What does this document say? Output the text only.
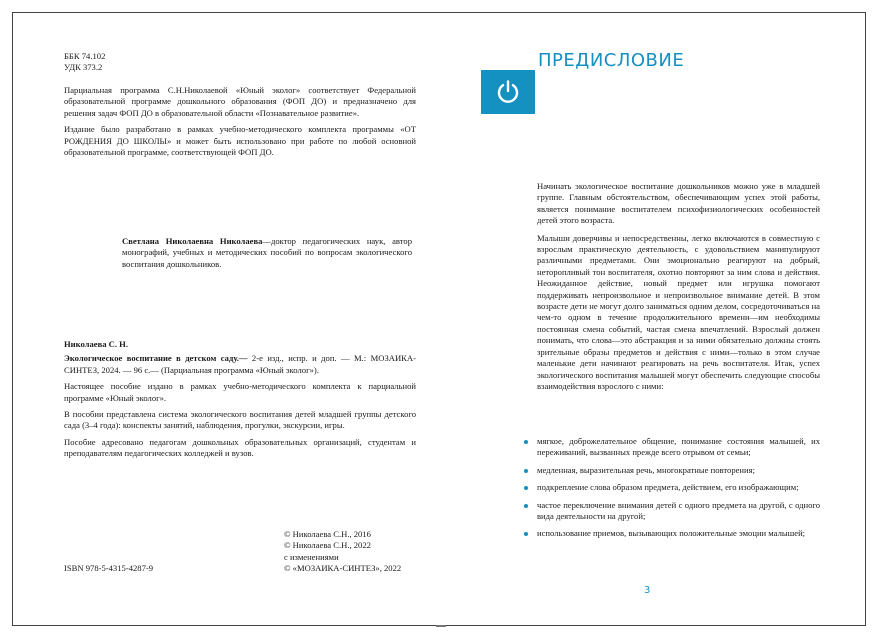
ББК 74.102

УДК 373.2

Парциальная программа С.Н.Николаевой «Юный эколог» соответствует Федеральной образовательной программе дошкольного образования (ФОП ДО) и предназначено для решения задач ФОП ДО в образовательной области «Познавательное развитие».

Издание было разработано в рамках учебно-методического комплекта программы «ОТ РОЖДЕНИЯ ДО ШКОЛЫ» и может быть использовано при работе по любой основной образовательной программе, соответствующей ФОП ДО.

Светлана Николаевна Николаева—доктор педагогических наук, автор монографий, учебных и методических пособий по вопросам экологического воспитания дошкольников.

Николаева С. Н.

Экологическое воспитание в детском саду.— 2-е изд., испр. и доп. — М.: МОЗАИКА-СИНТЕЗ, 2024. — 96 с.— (Парциальная программа «Юный эколог»).

Настоящее пособие издано в рамках учебно-методического комплекта к парциальной программе «Юный эколог».

В пособии представлена система экологического воспитания детей младшей группы детского сада (3–4 года): конспекты занятий, наблюдения, прогулки, экскурсии, игры.

Пособие адресовано педагогам дошкольных образовательных организаций, студентам и преподавателям педагогических колледжей и вузов.

ISBN 978-5-4315-4287-9

© Николаева С.Н., 2016

© Николаева С.Н., 2022

с изменениями

© «МОЗАИКА-СИНТЕЗ», 2022

ПРЕДИСЛОВИЕ

Начинать экологическое воспитание дошкольников можно уже в младшей группе. Главным обстоятельством, обеспечивающим успех этой работы, является понимание воспитателем психофизиологических особенностей детей этого возраста.

Малыши доверчивы и непосредственны, легко включаются в совместную с взрослым практическую деятельность, с удовольствием манипулируют различными предметами. Они эмоционально реагируют на добрый, неторопливый тон воспитателя, охотно повторяют за ним слова и действия. Неожиданное действие, новый предмет или игрушка помогают поддерживать непроизвольное и непроизвольное внимание детей. В этом возрасте дети не могут долго заниматься одним делом, сосредоточиваться на чем-то одном в течение продолжительного времени—им необходимы постоянная смена событий, частая смена впечатлений. Взрослый должен понимать, что слова—это абстракция и за ними обязательно должны стоять зрительные образы предметов и действия с ними—только в этом случае маленькие дети начинают реагировать на речь воспитателя. Итак, успех экологического воспитания малышей могут обеспечить следующие способы взаимодействия взрослого с ними:

мягкое, доброжелательное общение, понимание состояния малышей, их переживаний, вызванных прежде всего отрывом от семьи;
медленная, выразительная речь, многократные повторения;
подкрепление слова образом предмета, действием, его изображающим;
частое переключение внимания детей с одного предмета на другой, с одного вида деятельности на другой;
использование приемов, вызывающих положительные эмоции малышей;
3
